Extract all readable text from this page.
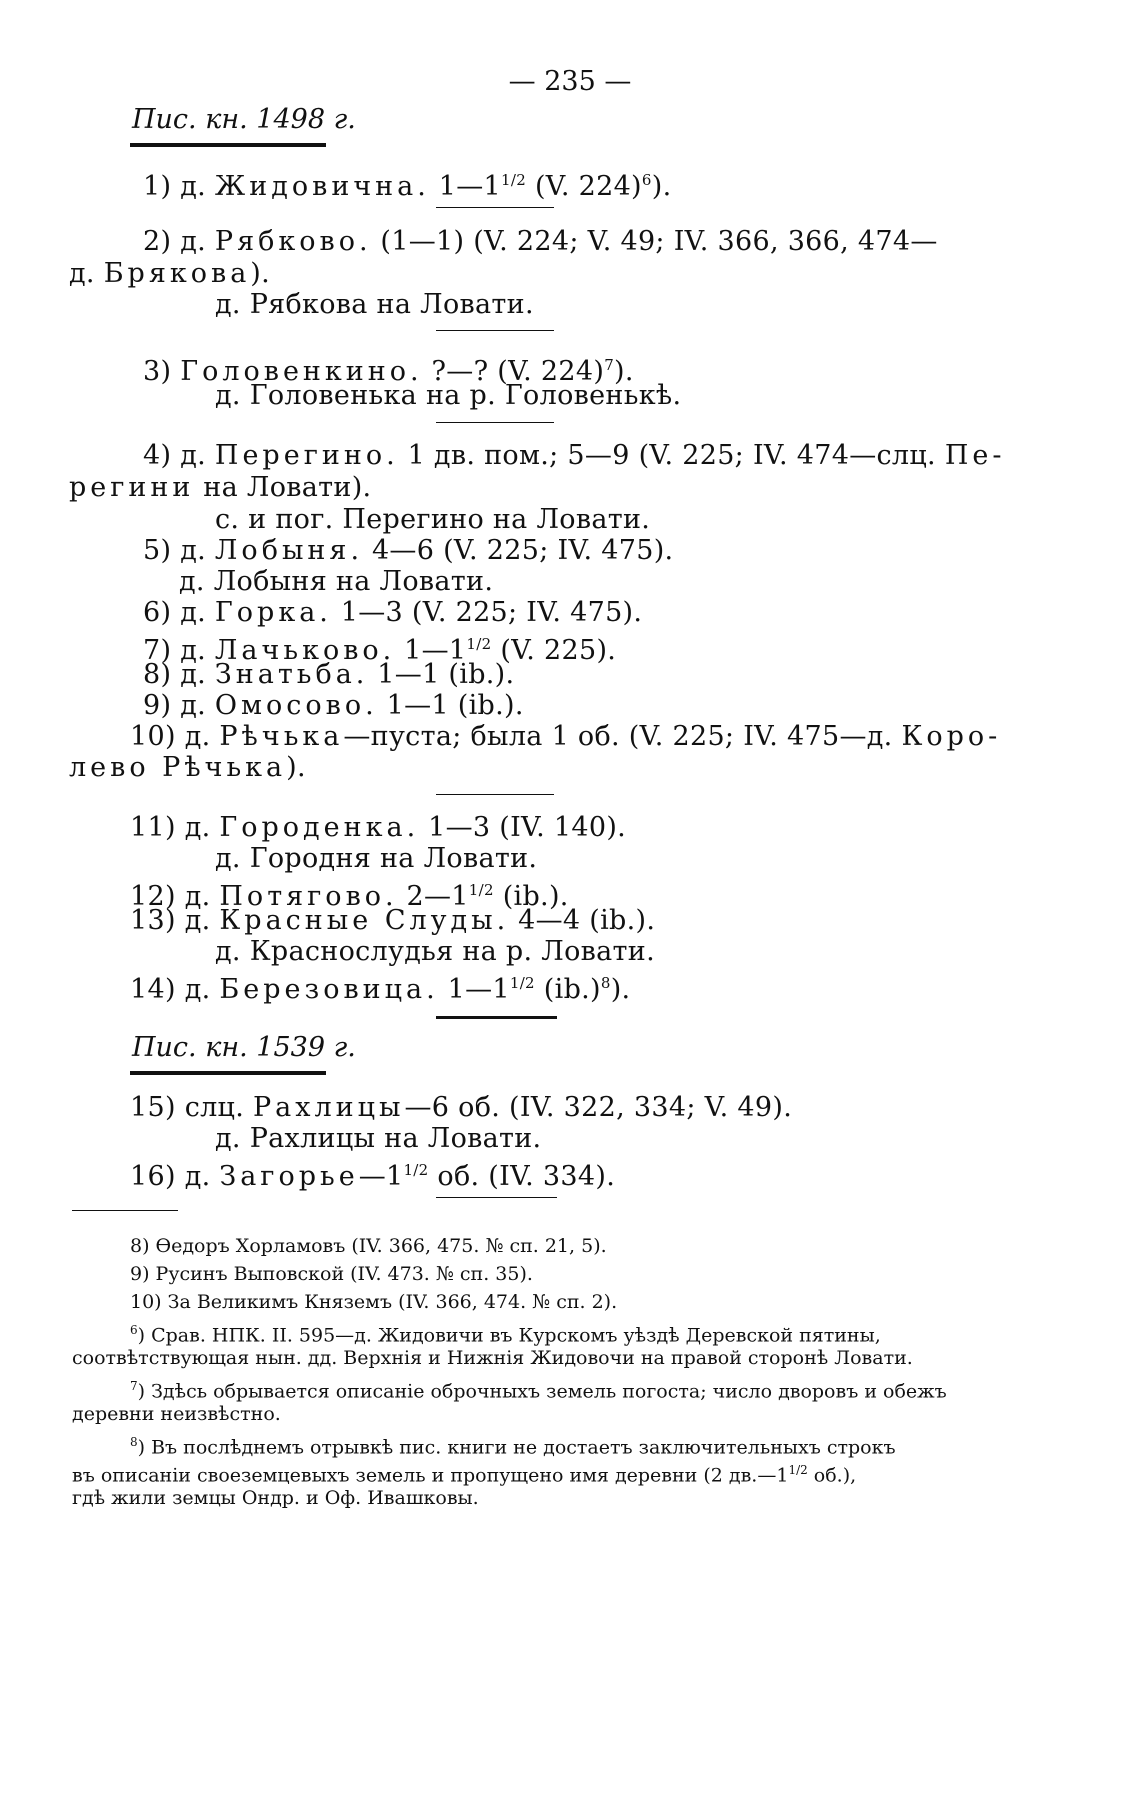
— 235 —
Пис. кн. 1498 г.
1) д. Жидовична. $1—1^{1/2}$ (V. 224)$^6$).
2) д. Рябково. (1—1) (V. 224; V. 49; IV. 366, 366, 474—
д. Брякова).
д. Рябкова на Ловати.
3) Головенкино. ?—? (V. 224)$^7$).
д. Головенька на р. Головенькѣ.
4) д. Перегино. 1 дв. пом.; 5—9 (V. 225; IV. 474—слц. Пе-
регини на Ловати).
с. и пог. Перегино на Ловати.
5) д. Лобыня. 4—6 (V. 225; IV. 475).
д. Лобыня на Ловати.
6) д. Горка. 1—3 (V. 225; IV. 475).
7) д. Лачьково. $1—1^{1/2}$ (V. 225).
8) д. Знатьба. 1—1 (ib.).
9) д. Омосово. 1—1 (ib.).
10) д. Рѣчька—пуста; была 1 об. (V. 225; IV. 475—д. Коро-
лево Рѣчька).
11) д. Городенка. 1—3 (IV. 140).
д. Городня на Ловати.
12) д. Потягово. $2—1^{1/2}$ (ib.).
13) д. Красные Слуды. 4—4 (ib.).
д. Краснослудья на р. Ловати.
14) д. Березовица. $1—1^{1/2}$ $(ib.)^8$).
Пис. кн. 1539 г.
15) слц. Рахлицы—6 об. (IV. 322, 334; V. 49).
д. Рахлицы на Ловати.
16) д. $Загорье—1^{1/2}$ об. (IV. 334).
8) Ѳедоръ Хорламовъ (IV. 366, 475. № сп. 21, 5).
9) Русинъ Выповской (IV. 473. № сп. 35).
10) За Великимъ Княземъ (IV. 366, 474. № сп. 2).
$^6$) Срав. НПК. II. 595—д. Жидовичи въ Курскомъ уѣздѣ Деревской пятины,
соотвѣтствующая нын. дд. Верхнія и Нижнія Жидовочи на правой сторонѣ Ловати.
$^7$) Здѣсь обрывается описаніе оброчныхъ земель погоста; число дворовъ и обежъ
деревни неизвѣстно.
$^8$) Въ послѣднемъ отрывкѣ пис. книги не достаетъ заключительныхъ строкъ
въ описаніи своеземцевыхъ земель и пропущено имя деревни (2 $дв.—1^{1/2}$ об.),
гдѣ жили земцы Ондр. и Оф. Ивашковы.
